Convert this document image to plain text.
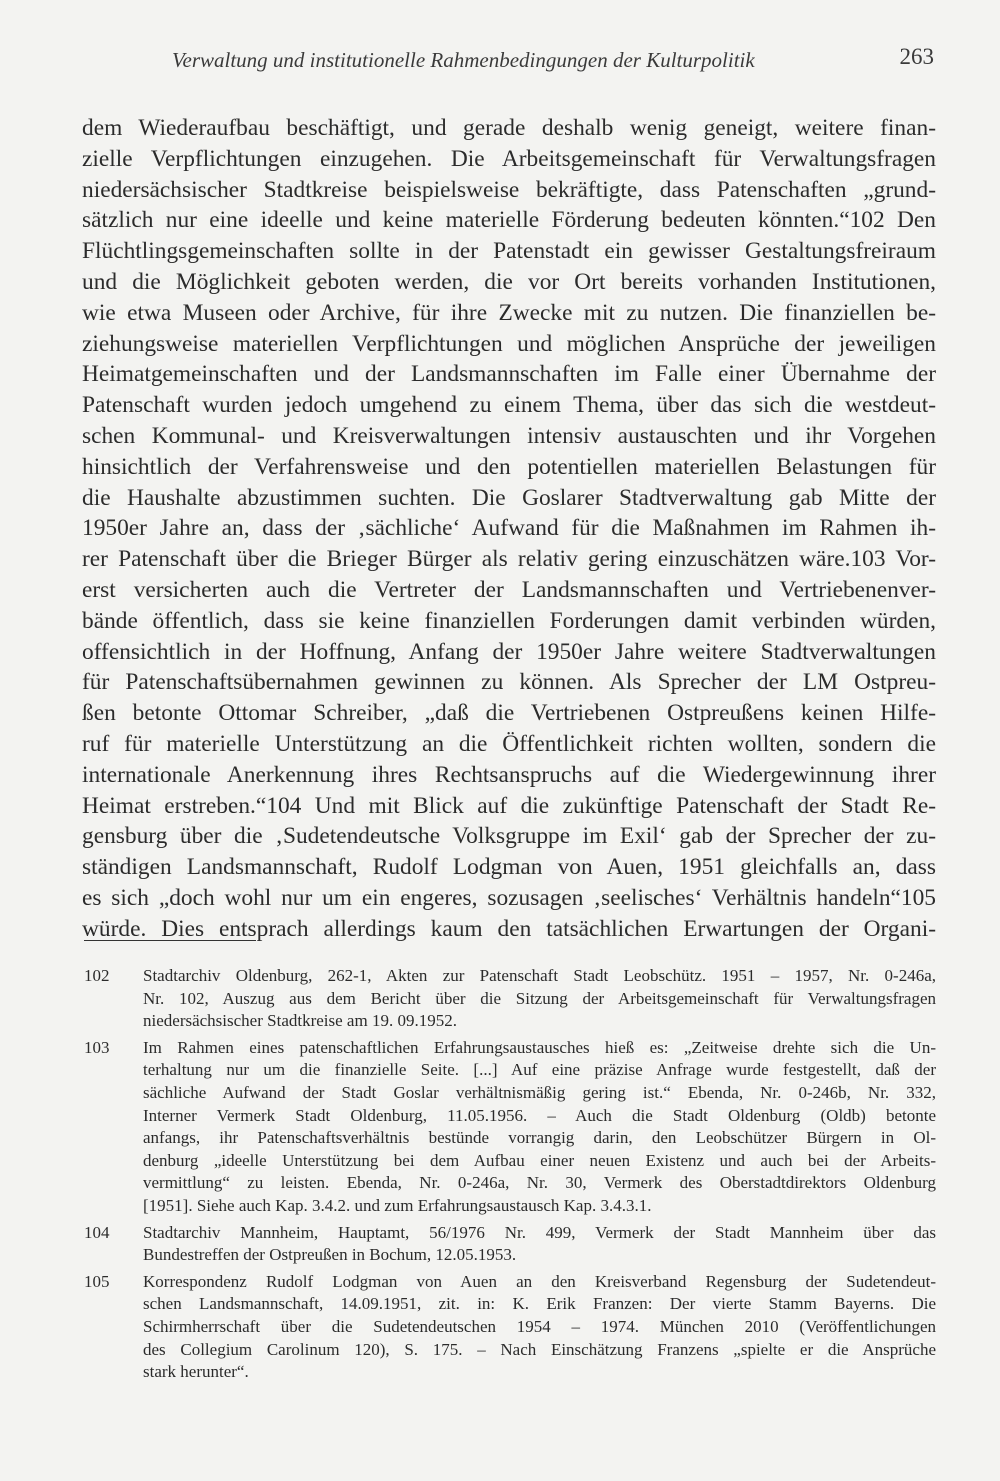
Verwaltung und institutionelle Rahmenbedingungen der Kulturpolitik	263
dem Wiederaufbau beschäftigt, und gerade deshalb wenig geneigt, weitere finan-
zielle Verpflichtungen einzugehen. Die Arbeitsgemeinschaft für Verwaltungsfragen
niedersächsischer Stadtkreise beispielsweise bekräftigte, dass Patenschaften „grund-
sätzlich nur eine ideelle und keine materielle Förderung bedeuten könnten.“102 Den
Flüchtlingsgemeinschaften sollte in der Patenstadt ein gewisser Gestaltungsfreiraum
und die Möglichkeit geboten werden, die vor Ort bereits vorhanden Institutionen,
wie etwa Museen oder Archive, für ihre Zwecke mit zu nutzen. Die finanziellen be-
ziehungsweise materiellen Verpflichtungen und möglichen Ansprüche der jeweiligen
Heimatgemeinschaften und der Landsmannschaften im Falle einer Übernahme der
Patenschaft wurden jedoch umgehend zu einem Thema, über das sich die westdeut-
schen Kommunal- und Kreisverwaltungen intensiv austauschten und ihr Vorgehen
hinsichtlich der Verfahrensweise und den potentiellen materiellen Belastungen für
die Haushalte abzustimmen suchten. Die Goslarer Stadtverwaltung gab Mitte der
1950er Jahre an, dass der ‚sächliche‘ Aufwand für die Maßnahmen im Rahmen ih-
rer Patenschaft über die Brieger Bürger als relativ gering einzuschätzen wäre.103 Vor-
erst versicherten auch die Vertreter der Landsmannschaften und Vertriebenenver-
bände öffentlich, dass sie keine finanziellen Forderungen damit verbinden würden,
offensichtlich in der Hoffnung, Anfang der 1950er Jahre weitere Stadtverwaltungen
für Patenschaftsübernahmen gewinnen zu können. Als Sprecher der LM Ostpreu-
ßen betonte Ottomar Schreiber, „daß die Vertriebenen Ostpreußens keinen Hilfe-
ruf für materielle Unterstützung an die Öffentlichkeit richten wollten, sondern die
internationale Anerkennung ihres Rechtsanspruchs auf die Wiedergewinnung ihrer
Heimat erstreben.“104 Und mit Blick auf die zukünftige Patenschaft der Stadt Re-
gensburg über die ‚Sudetendeutsche Volksgruppe im Exil‘ gab der Sprecher der zu-
ständigen Landsmannschaft, Rudolf Lodgman von Auen, 1951 gleichfalls an, dass
es sich „doch wohl nur um ein engeres, sozusagen ‚seelisches‘ Verhältnis handeln“105
würde. Dies entsprach allerdings kaum den tatsächlichen Erwartungen der Organi-
102 Stadtarchiv Oldenburg, 262-1, Akten zur Patenschaft Stadt Leobschütz. 1951 – 1957, Nr. 0-246a,
Nr. 102, Auszug aus dem Bericht über die Sitzung der Arbeitsgemeinschaft für Verwaltungsfragen
niedersächsischer Stadtkreise am 19. 09.1952.
103 Im Rahmen eines patenschaftlichen Erfahrungsaustausches hieß es: „Zeitweise drehte sich die Un-
terhaltung nur um die finanzielle Seite. [...] Auf eine präzise Anfrage wurde festgestellt, daß der
sächliche Aufwand der Stadt Goslar verhältnismäßig gering ist.“ Ebenda, Nr. 0-246b, Nr. 332,
Interner Vermerk Stadt Oldenburg, 11.05.1956. – Auch die Stadt Oldenburg (Oldb) betonte
anfangs, ihr Patenschaftsverhältnis bestünde vorrangig darin, den Leobschützer Bürgern in Ol-
denburg „ideelle Unterstützung bei dem Aufbau einer neuen Existenz und auch bei der Arbeits-
vermittlung“ zu leisten. Ebenda, Nr. 0-246a, Nr. 30, Vermerk des Oberstadtdirektors Oldenburg
[1951]. Siehe auch Kap. 3.4.2. und zum Erfahrungsaustausch Kap. 3.4.3.1.
104 Stadtarchiv Mannheim, Hauptamt, 56/1976 Nr. 499, Vermerk der Stadt Mannheim über das
Bundestreffen der Ostpreußen in Bochum, 12.05.1953.
105 Korrespondenz Rudolf Lodgman von Auen an den Kreisverband Regensburg der Sudetendeut-
schen Landsmannschaft, 14.09.1951, zit. in: K. Erik Franzen: Der vierte Stamm Bayerns. Die
Schirmherrschaft über die Sudetendeutschen 1954 – 1974. München 2010 (Veröffentlichungen
des Collegium Carolinum 120), S. 175. – Nach Einschätzung Franzens „spielte er die Ansprüche
stark herunter“.
